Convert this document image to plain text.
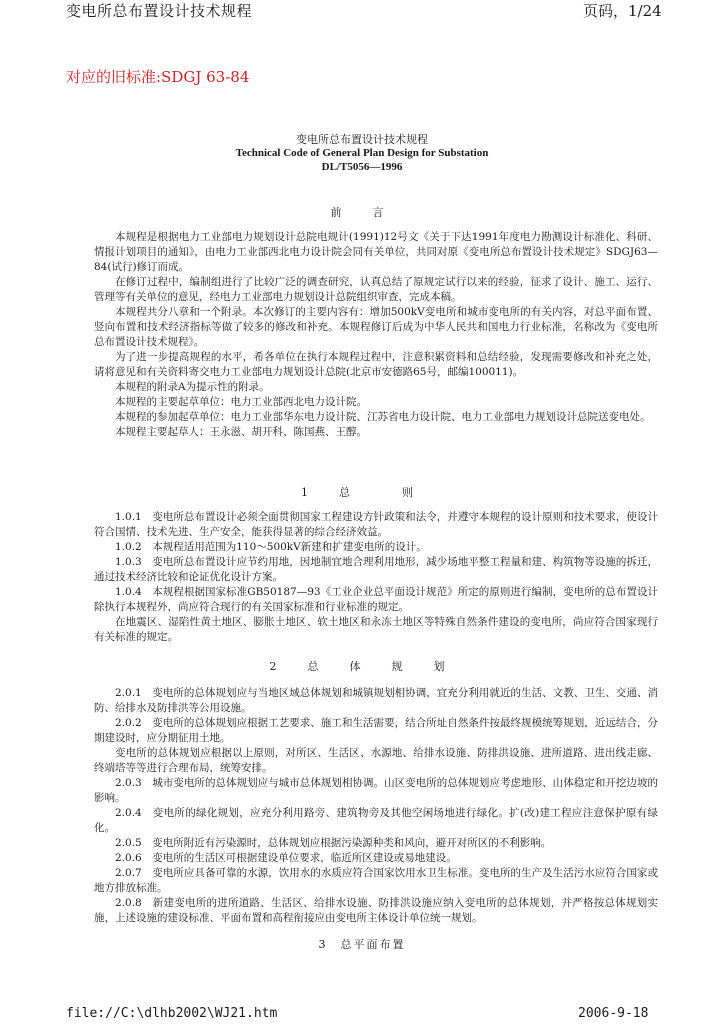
变电所总布置设计技术规程	页码，1/24
对应的旧标准:SDGJ 63-84
变电所总布置设计技术规程
Technical Code of General Plan Design for Substation
DL/T5056—1996
前　言

本规程是根据电力工业部电力规划设计总院电规计(1991)12号文《关于下达1991年度电力勘测设计标准化、科研、情报计划项目的通知》，由电力工业部西北电力设计院会同有关单位，共同对原《变电所总布置设计技术规定》SDGJ63—84(试行)修订而成。

在修订过程中，编制组进行了比较广泛的调查研究，认真总结了原规定试行以来的经验，征求了设计、施工、运行、管理等有关单位的意见，经电力工业部电力规划设计总院组织审查，完成本稿。

本规程共分八章和一个附录。本次修订的主要内容有：增加500kV变电所和城市变电所的有关内容，对总平面布置、竖向布置和技术经济指标等做了较多的修改和补充。本规程修订后成为中华人民共和国电力行业标准，名称改为《变电所总布置设计技术规程》。

为了进一步提高规程的水平，希各单位在执行本规程过程中，注意积累资料和总结经验，发现需要修改和补充之处，请将意见和有关资料寄交电力工业部电力规划设计总院(北京市安德路65号，邮编100011)。

本规程的附录A为提示性的附录。

本规程的主要起草单位：电力工业部西北电力设计院。

本规程的参加起草单位：电力工业部华东电力设计院、江苏省电力设计院、电力工业部电力规划设计总院送变电处。

本规程主要起草人：王永滋、胡开科、陈国燕、王醇。

1　总　　则

1.0.1　变电所总布置设计必须全面贯彻国家工程建设方针政策和法令，并遵守本规程的设计原则和技术要求，使设计符合国情、技术先进、生产安全，能获得显著的综合经济效益。

1.0.2　本规程适用范围为110～500kV新建和扩建变电所的设计。

1.0.3　变电所总布置设计应节约用地，因地制宜地合理利用地形，减少场地平整工程量和建、构筑物等设施的拆迁，通过技术经济比较和论证优化设计方案。

1.0.4　本规程根据国家标准GB50187—93《工业企业总平面设计规范》所定的原则进行编制，变电所的总布置设计除执行本规程外，尚应符合现行的有关国家标准和行业标准的规定。

在地震区、湿陷性黄土地区、膨胀土地区、软土地区和永冻土地区等特殊自然条件建设的变电所，尚应符合国家现行有关标准的规定。

2　总　体　规　划

2.0.1　变电所的总体规划应与当地区域总体规划和城镇规划相协调，宜充分利用就近的生活、文教、卫生、交通、消防、给排水及防排洪等公用设施。

2.0.2　变电所的总体规划应根据工艺要求、施工和生活需要，结合所址自然条件按最终规模统筹规划，近远结合，分期建设时，应分期征用土地。

变电所的总体规划应根据以上原则，对所区、生活区、水源地、给排水设施、防排洪设施、进所道路、进出线走廊、终端塔等等进行合理布局，统筹安排。

2.0.3　城市变电所的总体规划应与城市总体规划相协调。山区变电所的总体规划应考虑地形、山体稳定和开挖边坡的影响。

2.0.4　变电所的绿化规划，应充分利用路旁、建筑物旁及其他空闲场地进行绿化。扩(改)建工程应注意保护原有绿化。

2.0.5　变电所附近有污染源时，总体规划应根据污染源种类和风向，避开对所区的不利影响。

2.0.6　变电所的生活区可根据建设单位要求，临近所区建设或易地建设。

2.0.7　变电所应具备可靠的水源，饮用水的水质应符合国家饮用水卫生标准。变电所的生产及生活污水应符合国家或地方排放标准。

2.0.8　新建变电所的进所道路、生活区、给排水设施、防排洪设施应纳入变电所的总体规划，并严格按总体规划实施，上述设施的建设标准、平面布置和高程衔接应由变电所主体设计单位统一规划。

3　总平面布置
file://C:\dlhb2002\WJ21.htm	2006-9-18
